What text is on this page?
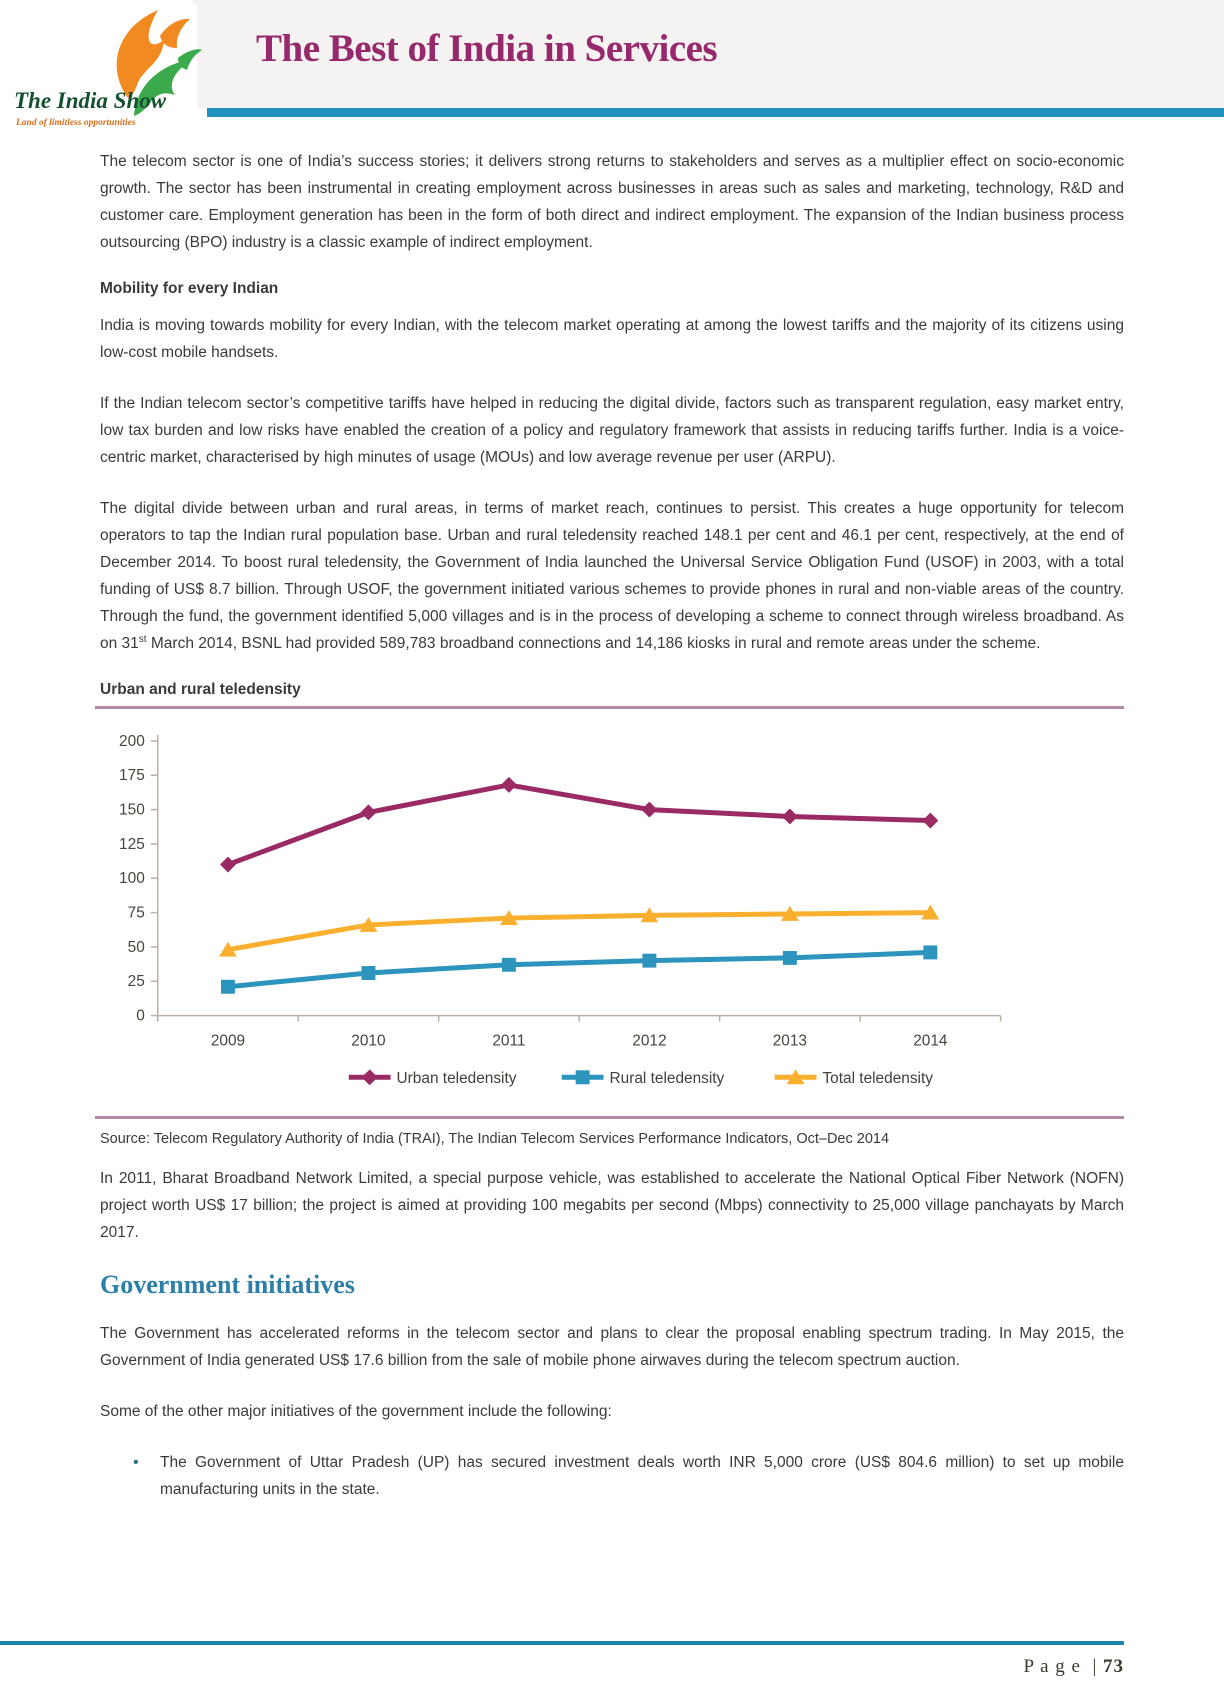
The Best of India in Services
The India Show
Land of limitless opportunities

The telecom sector is one of India’s success stories; it delivers strong returns to stakeholders and serves as a multiplier effect on socio-economic growth. The sector has been instrumental in creating employment across businesses in areas such as sales and marketing, technology, R&D and customer care. Employment generation has been in the form of both direct and indirect employment. The expansion of the Indian business process outsourcing (BPO) industry is a classic example of indirect employment.

Mobility for every Indian

India is moving towards mobility for every Indian, with the telecom market operating at among the lowest tariffs and the majority of its citizens using low-cost mobile handsets.

If the Indian telecom sector’s competitive tariffs have helped in reducing the digital divide, factors such as transparent regulation, easy market entry, low tax burden and low risks have enabled the creation of a policy and regulatory framework that assists in reducing tariffs further. India is a voice-centric market, characterised by high minutes of usage (MOUs) and low average revenue per user (ARPU).

The digital divide between urban and rural areas, in terms of market reach, continues to persist. This creates a huge opportunity for telecom operators to tap the Indian rural population base. Urban and rural teledensity reached 148.1 per cent and 46.1 per cent, respectively, at the end of December 2014. To boost rural teledensity, the Government of India launched the Universal Service Obligation Fund (USOF) in 2003, with a total funding of US$ 8.7 billion. Through USOF, the government initiated various schemes to provide phones in rural and non-viable areas of the country. Through the fund, the government identified 5,000 villages and is in the process of developing a scheme to connect through wireless broadband. As on 31st March 2014, BSNL had provided 589,783 broadband connections and 14,186 kiosks in rural and remote areas under the scheme.

Urban and rural teledensity
0
25
50
75
100
125
150
175
200
2009	2010	2011	2012	2013	2014
Urban teledensity	Rural teledensity	Total teledensity
Source: Telecom Regulatory Authority of India (TRAI), The Indian Telecom Services Performance Indicators, Oct–Dec 2014

In 2011, Bharat Broadband Network Limited, a special purpose vehicle, was established to accelerate the National Optical Fiber Network (NOFN) project worth US$ 17 billion; the project is aimed at providing 100 megabits per second (Mbps) connectivity to 25,000 village panchayats by March 2017.

Government initiatives

The Government has accelerated reforms in the telecom sector and plans to clear the proposal enabling spectrum trading. In May 2015, the Government of India generated US$ 17.6 billion from the sale of mobile phone airwaves during the telecom spectrum auction.

Some of the other major initiatives of the government include the following:

• The Government of Uttar Pradesh (UP) has secured investment deals worth INR 5,000 crore (US$ 804.6 million) to set up mobile manufacturing units in the state.
P a g e | 73
